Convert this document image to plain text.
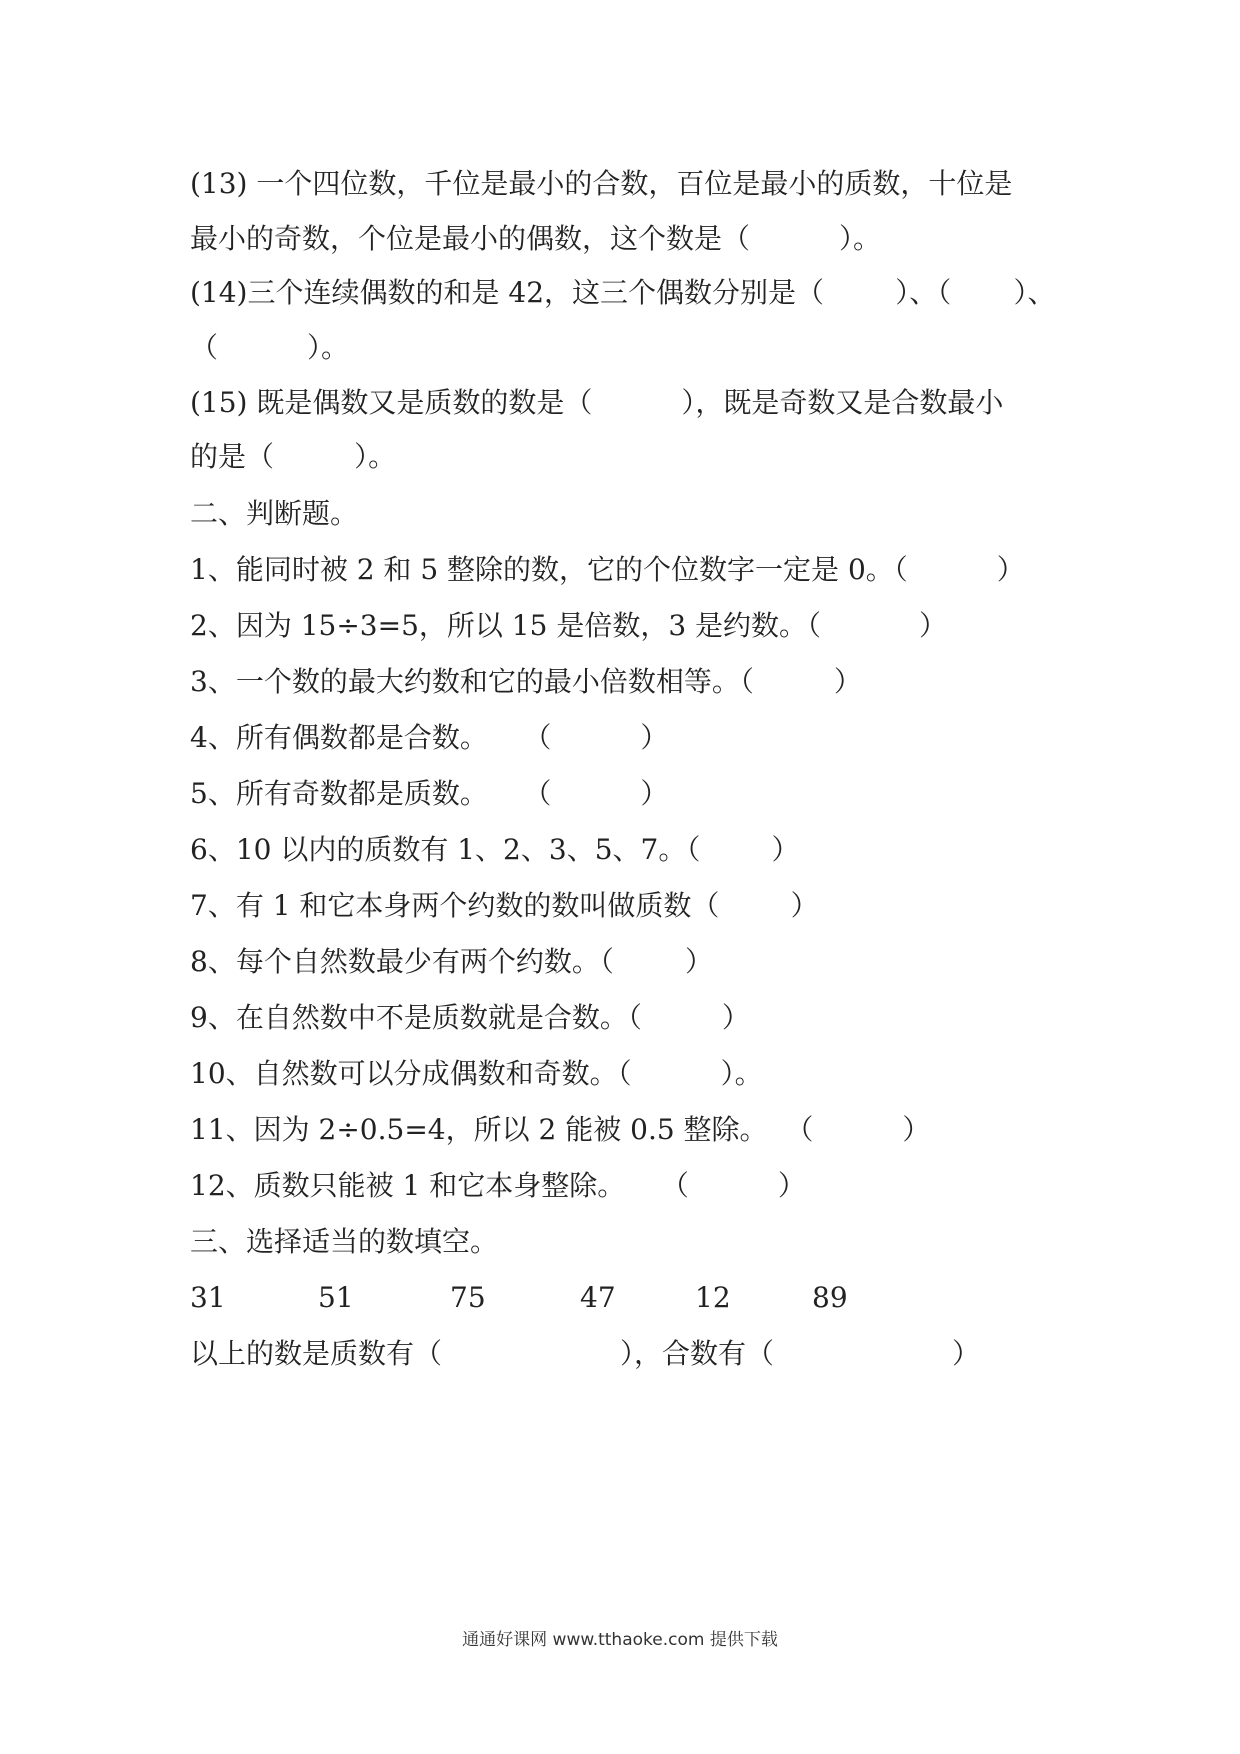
(13) 一个四位数，千位是最小的合数，百位是最小的质数，十位是
最小的奇数，个位是最小的偶数，这个数是（          ）。
(14)三个连续偶数的和是 42，这三个偶数分别是（        ）、（       ）、
（          ）。
(15) 既是偶数又是质数的数是（          ），既是奇数又是合数最小
的是（         ）。
二、判断题。
1、能同时被 2 和 5 整除的数，它的个位数字一定是 0。（          ）
2、因为 15÷3=5，所以 15 是倍数，3 是约数。（           ）
3、一个数的最大约数和它的最小倍数相等。（         ）
4、所有偶数都是合数。    （          ）
5、所有奇数都是质数。    （          ）
6、10 以内的质数有 1、2、3、5、7。（        ）
7、有 1 和它本身两个约数的数叫做质数（        ）
8、每个自然数最少有两个约数。（        ）
9、在自然数中不是质数就是合数。（         ）
10、自然数可以分成偶数和奇数。（          ）。
11、因为 2÷0.5=4，所以 2 能被 0.5 整除。  （          ）
12、质数只能被 1 和它本身整除。    （          ）
三、选择适当的数填空。
31	51	75	47	12	89
以上的数是质数有（                    ），合数有（                    ）
通通好课网 www.tthaoke.com 提供下载
